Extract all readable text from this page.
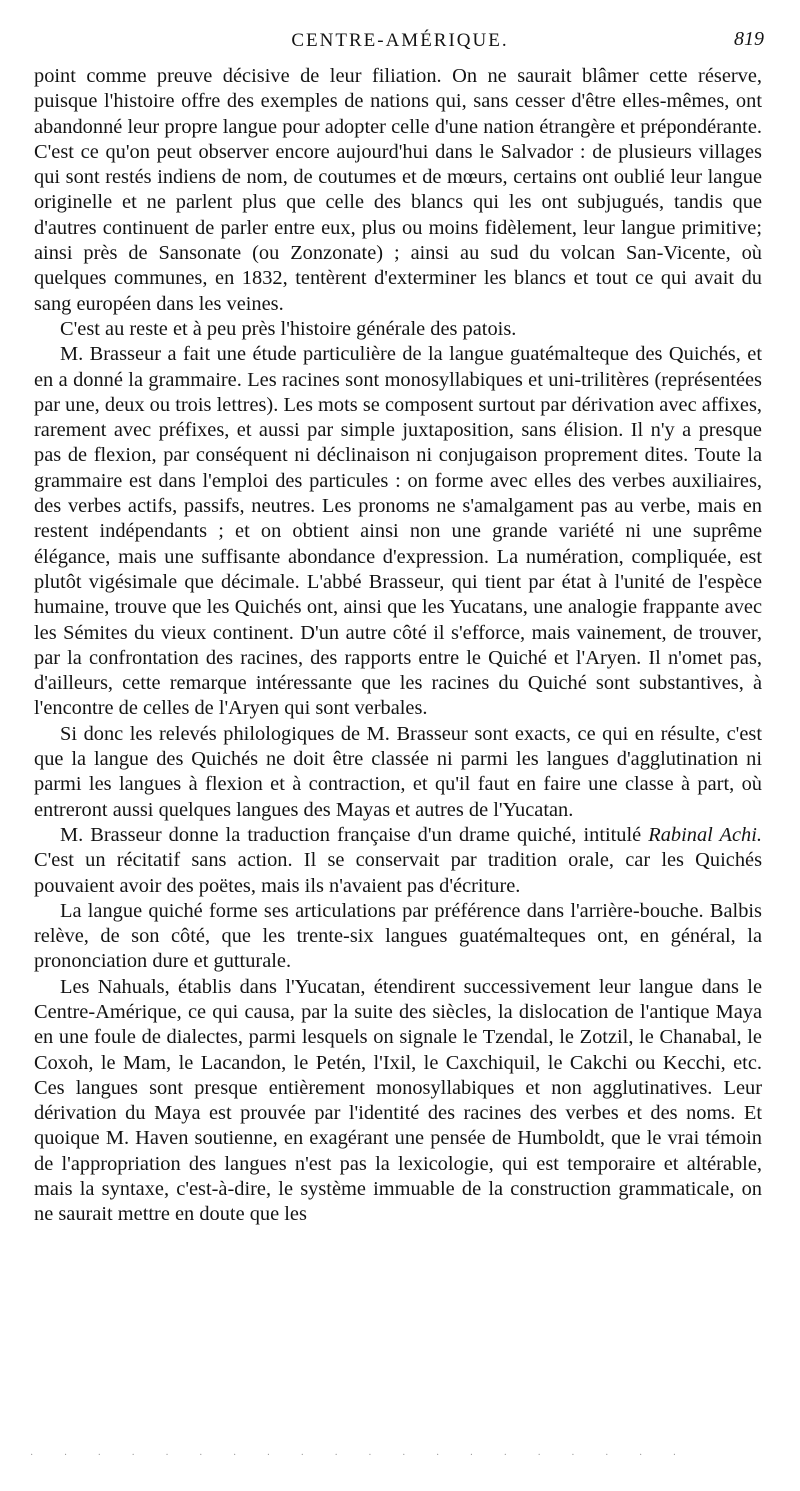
CENTRE-AMÉRIQUE.	819

point comme preuve décisive de leur filiation. On ne saurait blâmer cette réserve, puisque l'histoire offre des exemples de nations qui, sans cesser d'être elles-mêmes, ont abandonné leur propre langue pour adopter celle d'une nation étrangère et prépondérante. C'est ce qu'on peut observer encore aujourd'hui dans le Salvador : de plusieurs villages qui sont restés indiens de nom, de coutumes et de mœurs, certains ont oublié leur langue originelle et ne parlent plus que celle des blancs qui les ont subjugués, tandis que d'autres continuent de parler entre eux, plus ou moins fidèlement, leur langue primitive; ainsi près de Sansonate (ou Zonzonate) ; ainsi au sud du volcan San-Vicente, où quelques communes, en 1832, tentèrent d'exterminer les blancs et tout ce qui avait du sang européen dans les veines.

C'est au reste et à peu près l'histoire générale des patois.

M. Brasseur a fait une étude particulière de la langue guatémalteque des Quichés, et en a donné la grammaire. Les racines sont monosyllabiques et uni-trilitères (représentées par une, deux ou trois lettres). Les mots se composent surtout par dérivation avec affixes, rarement avec préfixes, et aussi par simple juxtaposition, sans élision. Il n'y a presque pas de flexion, par conséquent ni déclinaison ni conjugaison proprement dites. Toute la grammaire est dans l'emploi des particules : on forme avec elles des verbes auxiliaires, des verbes actifs, passifs, neutres. Les pronoms ne s'amalgament pas au verbe, mais en restent indépendants ; et on obtient ainsi non une grande variété ni une suprême élégance, mais une suffisante abondance d'expression. La numération, compliquée, est plutôt vigésimale que décimale. L'abbé Brasseur, qui tient par état à l'unité de l'espèce humaine, trouve que les Quichés ont, ainsi que les Yucatans, une analogie frappante avec les Sémites du vieux continent. D'un autre côté il s'efforce, mais vainement, de trouver, par la confrontation des racines, des rapports entre le Quiché et l'Aryen. Il n'omet pas, d'ailleurs, cette remarque intéressante que les racines du Quiché sont substantives, à l'encontre de celles de l'Aryen qui sont verbales.

Si donc les relevés philologiques de M. Brasseur sont exacts, ce qui en résulte, c'est que la langue des Quichés ne doit être classée ni parmi les langues d'agglutination ni parmi les langues à flexion et à contraction, et qu'il faut en faire une classe à part, où entreront aussi quelques langues des Mayas et autres de l'Yucatan.

M. Brasseur donne la traduction française d'un drame quiché, intitulé Rabinal Achi. C'est un récitatif sans action. Il se conservait par tradition orale, car les Quichés pouvaient avoir des poëtes, mais ils n'avaient pas d'écriture.

La langue quiché forme ses articulations par préférence dans l'arrière-bouche. Balbis relève, de son côté, que les trente-six langues guatémalteques ont, en général, la prononciation dure et gutturale.

Les Nahuals, établis dans l'Yucatan, étendirent successivement leur langue dans le Centre-Amérique, ce qui causa, par la suite des siècles, la dislocation de l'antique Maya en une foule de dialectes, parmi lesquels on signale le Tzendal, le Zotzil, le Chanabal, le Coxoh, le Mam, le Lacandon, le Petén, l'Ixil, le Caxchiquil, le Cakchi ou Kecchi, etc. Ces langues sont presque entièrement monosyllabiques et non agglutinatives. Leur dérivation du Maya est prouvée par l'identité des racines des verbes et des noms. Et quoique M. Haven soutienne, en exagérant une pensée de Humboldt, que le vrai témoin de l'appropriation des langues n'est pas la lexicologie, qui est temporaire et altérable, mais la syntaxe, c'est-à-dire, le système immuable de la construction grammaticale, on ne saurait mettre en doute que les

· · · · · · · · · · · · · · · · · · · ·
